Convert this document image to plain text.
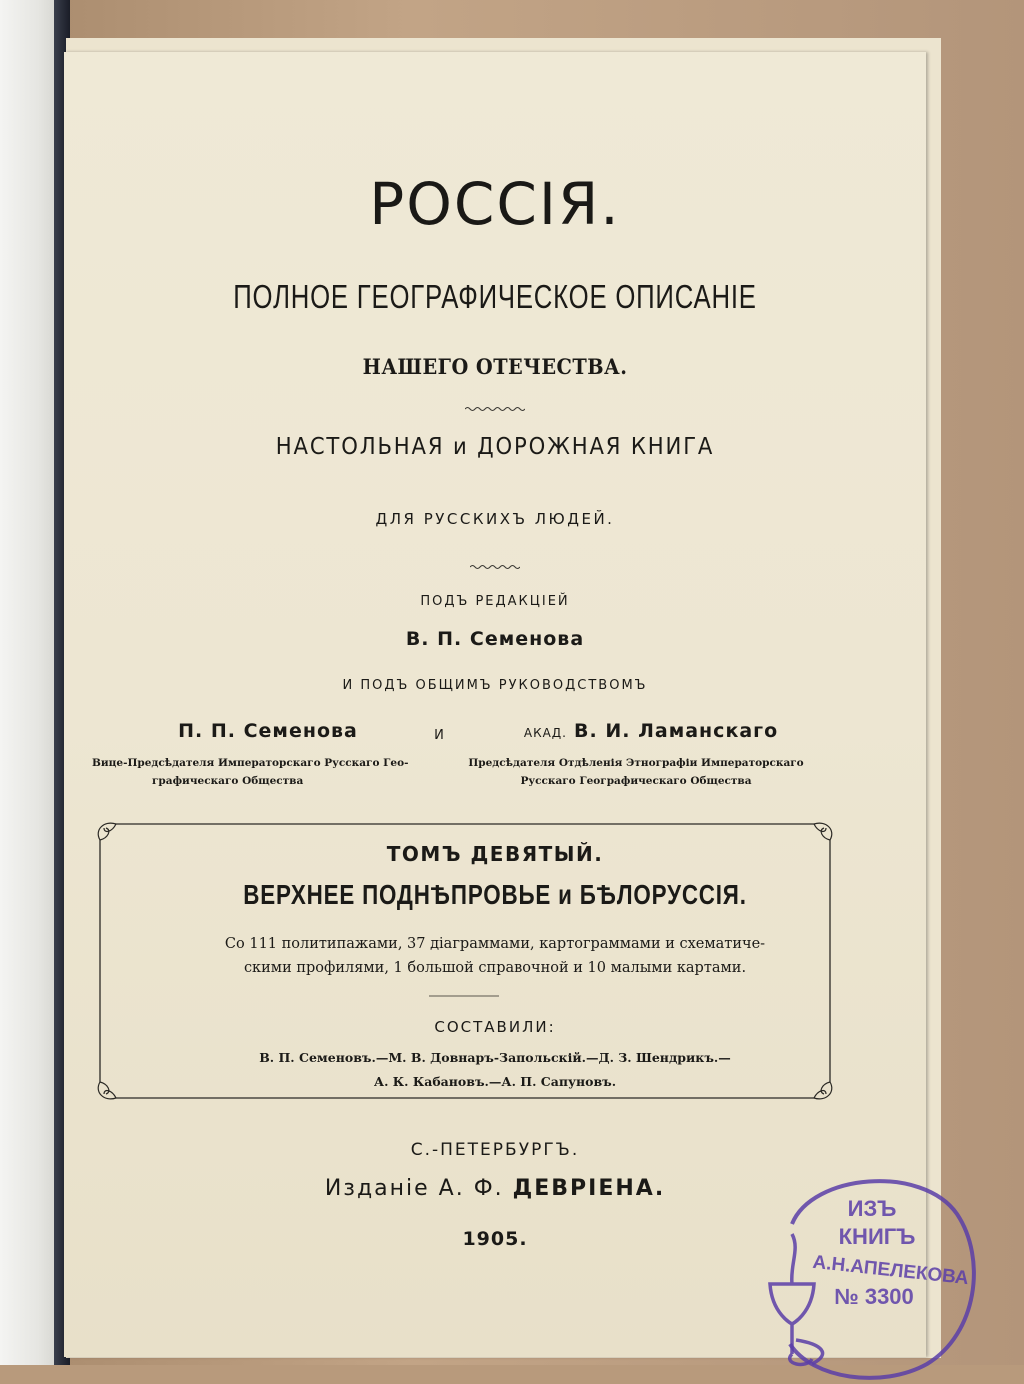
РОССІЯ.
ПОЛНОЕ ГЕОГРАФИЧЕСКОЕ ОПИСАНІЕ
НАШЕГО ОТЕЧЕСТВА.
НАСТОЛЬНАЯ и ДОРОЖНАЯ КНИГА
ДЛЯ РУССКИХЪ ЛЮДЕЙ.
ПОДЪ РЕДАКЦІЕЙ
В. П. Семенова
И ПОДЪ ОБЩИМЪ РУКОВОДСТВОМЪ
П. П. Семенова	И	АКАД. В. И. Ламанскаго
Вице-Предсѣдателя Императорскаго Русскаго Гео-
графическаго Общества
Предсѣдателя Отдѣленія Этнографіи Императорскаго
Русскаго Географическаго Общества
ТОМЪ ДЕВЯТЫЙ.
ВЕРХНЕЕ ПОДНѢПРОВЬЕ и БѢЛОРУССІЯ.
Со 111 политипажами, 37 діаграммами, картограммами и схематиче-
скими профилями, 1 большой справочной и 10 малыми картами.
СОСТАВИЛИ:
В. П. Семеновъ.—М. В. Довнаръ-Запольскій.—Д. З. Шендрикъ.—
А. К. Кабановъ.—А. П. Сапуновъ.
С.-ПЕТЕРБУРГЪ.
Изданіе А. Ф. ДЕВРІЕНА.
1905.
ИЗЪ
КНИГЪ
А.Н.АПЕЛЕКОВА
№ 3300
